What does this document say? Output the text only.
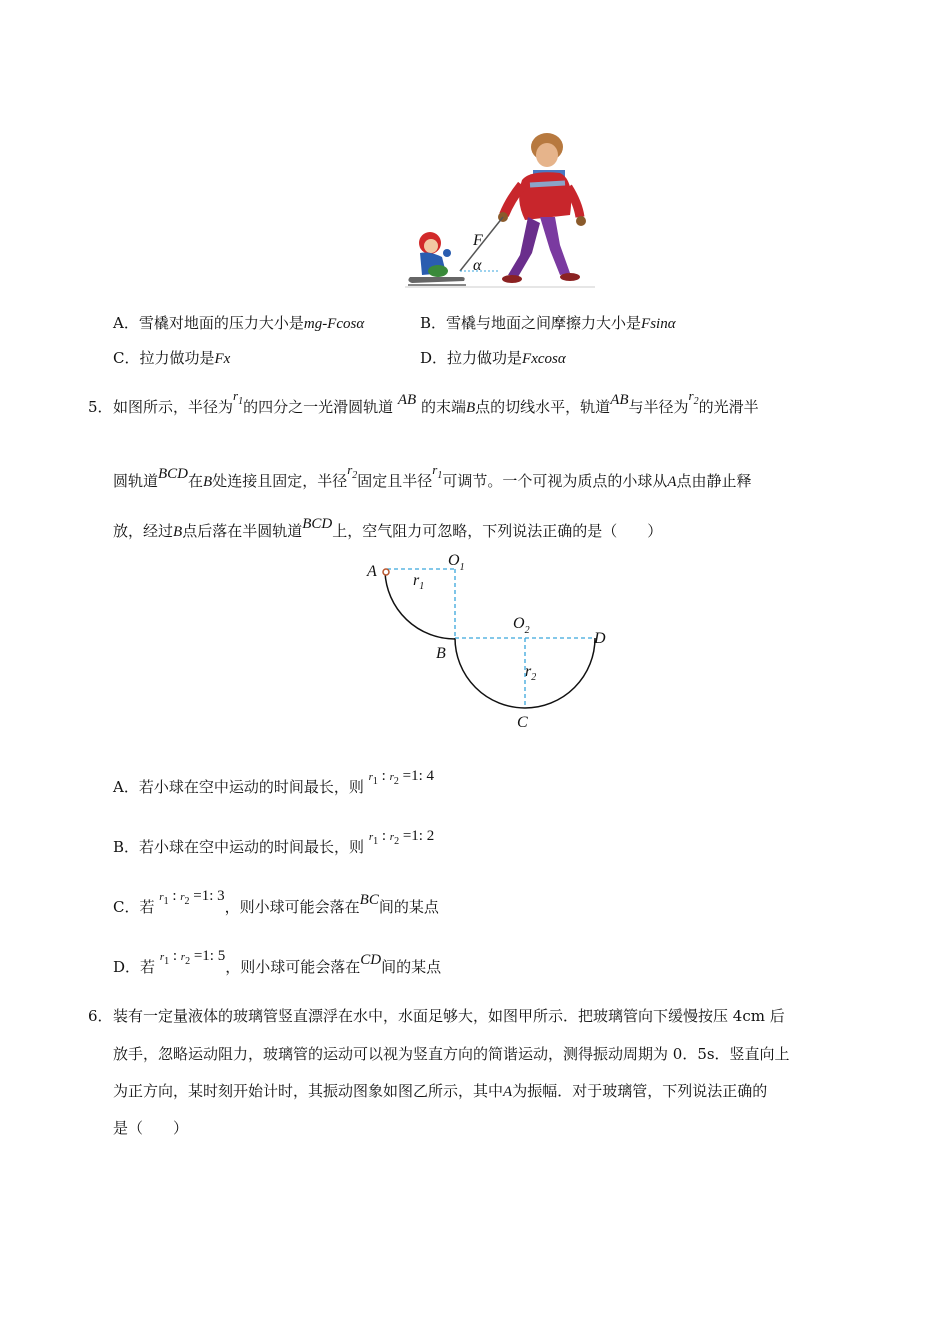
F
α
A．雪橇对地面的压力大小是mg-Fcosα	B．雪橇与地面之间摩擦力大小是Fsinα
C．拉力做功是Fx	D．拉力做功是Fxcosα
5． 如图所示，半径为$r_1$的四分之一光滑圆轨道 AB 的末端B点的切线水平，轨道AB与半径为$r_2$的光滑半
圆轨道BCD在B处连接且固定，半径$r_2$固定且半径$r_1$可调节。一个可视为质点的小球从A点由静止释
放，经过B点后落在半圆轨道BCD上，空气阻力可忽略，下列说法正确的是（　　）
A
$O_1$
$r_1$
$O_2$
B
D
$r_2$
C
A．若小球在空中运动的时间最长，则 $r_1$ : $r_2 =1$: 4
B．若小球在空中运动的时间最长，则 $r_1$ : $r_2 =1$: 2
C．若 $r_1$ : $r_2 =1$: 3，则小球可能会落在BC间的某点
D．若 $r_1$ : $r_2 =1$: 5，则小球可能会落在CD间的某点
6． 装有一定量液体的玻璃管竖直漂浮在水中，水面足够大，如图甲所示．把玻璃管向下缓慢按压 4cm 后
放手，忽略运动阻力，玻璃管的运动可以视为竖直方向的简谐运动，测得振动周期为 0．5s．竖直向上
为正方向，某时刻开始计时，其振动图象如图乙所示，其中A为振幅．对于玻璃管，下列说法正确的
是（　　）
